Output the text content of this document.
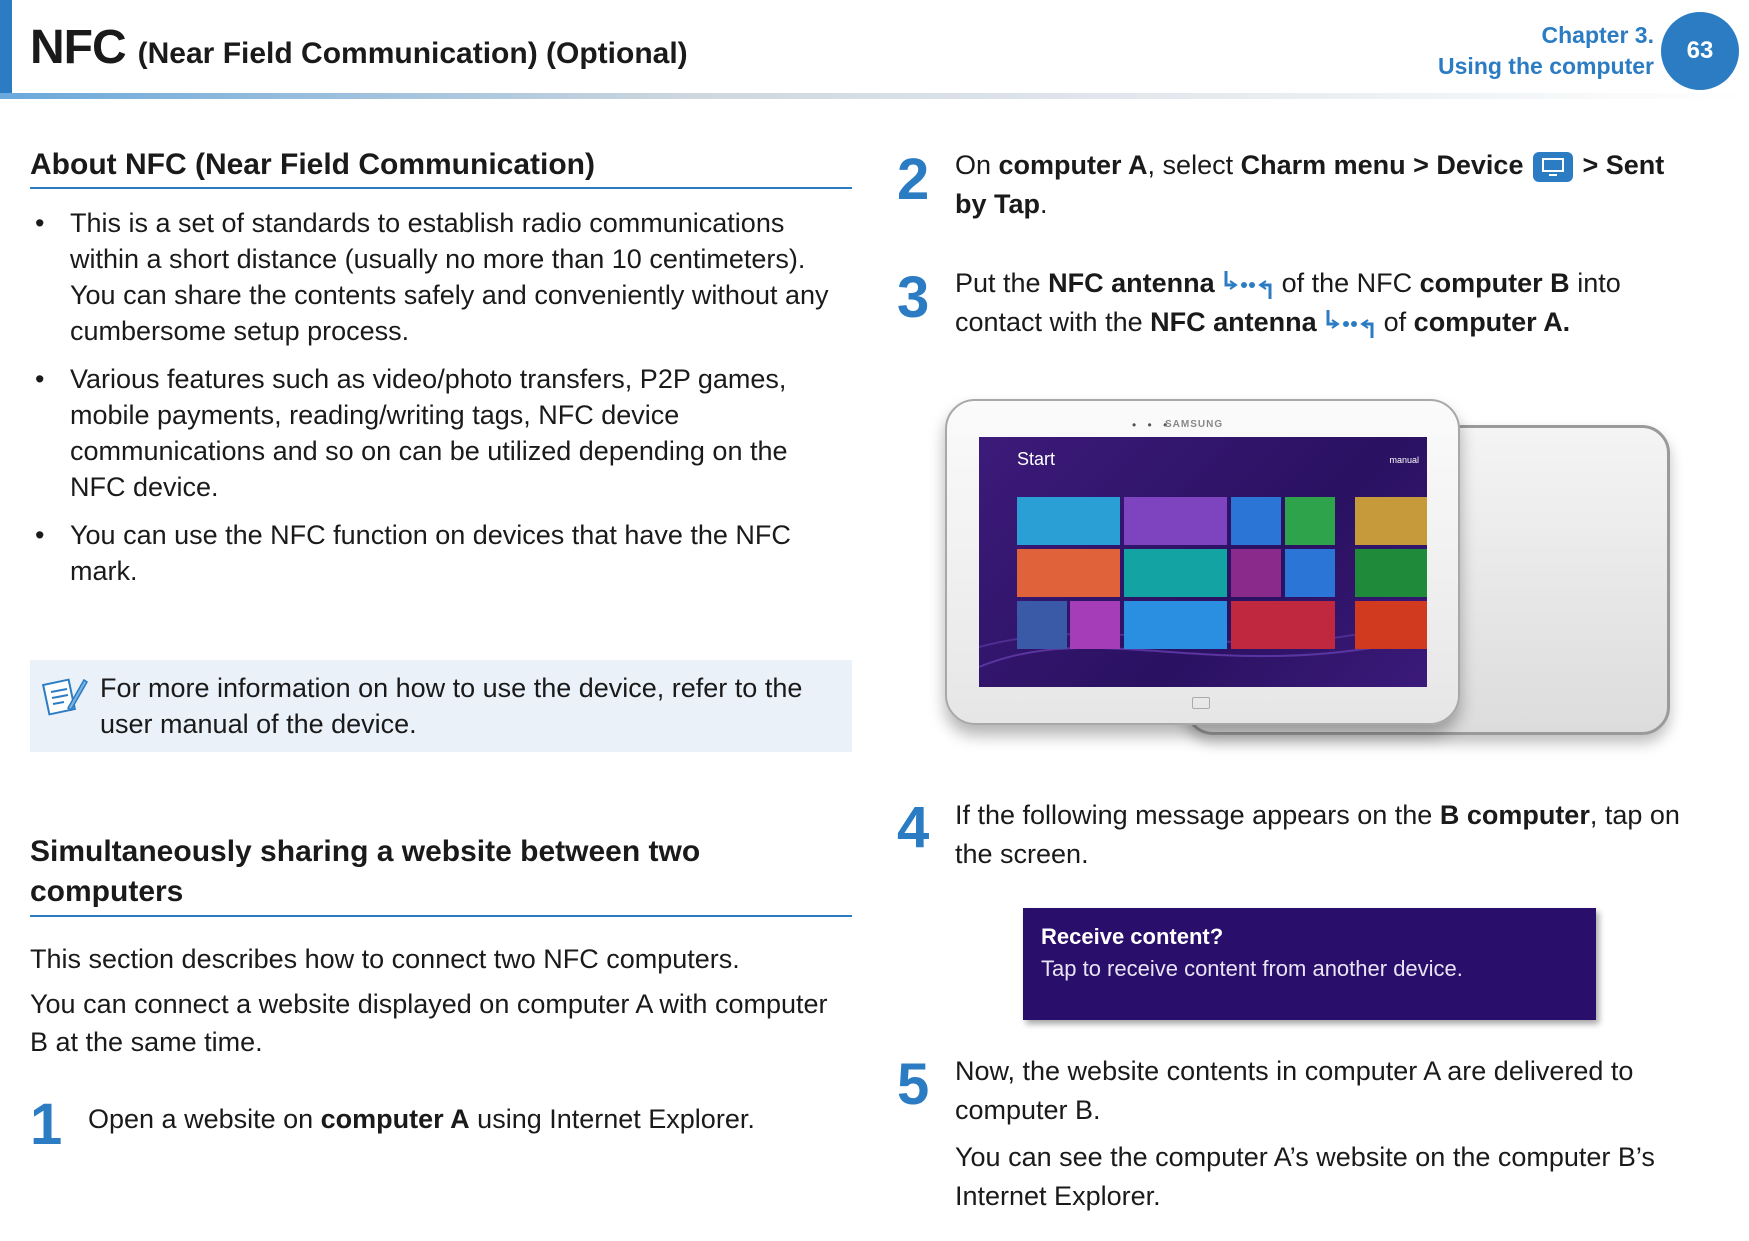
NFC (Near Field Communication) (Optional)
Chapter 3.
Using the computer
63
About NFC (Near Field Communication)
• This is a set of standards to establish radio communications within a short distance (usually no more than 10 centimeters). You can share the contents safely and conveniently without any cumbersome setup process.
• Various features such as video/photo transfers, P2P games, mobile payments, reading/writing tags, NFC device communications and so on can be utilized depending on the NFC device.
• You can use the NFC function on devices that have the NFC mark.
For more information on how to use the device, refer to the user manual of the device.
Simultaneously sharing a website between two computers
This section describes how to connect two NFC computers.
You can connect a website displayed on computer A with computer B at the same time.
1 Open a website on computer A using Internet Explorer.
2 On computer A, select Charm menu > Device  > Sent by Tap.
3 Put the NFC antenna  of the NFC computer B into contact with the NFC antenna  of computer A.
• • •
SAMSUNG
Start	manual
4 If the following message appears on the B computer, tap on the screen.
Receive content?
Tap to receive content from another device.
5 Now, the website contents in computer A are delivered to computer B.
You can see the computer A’s website on the computer B’s Internet Explorer.
